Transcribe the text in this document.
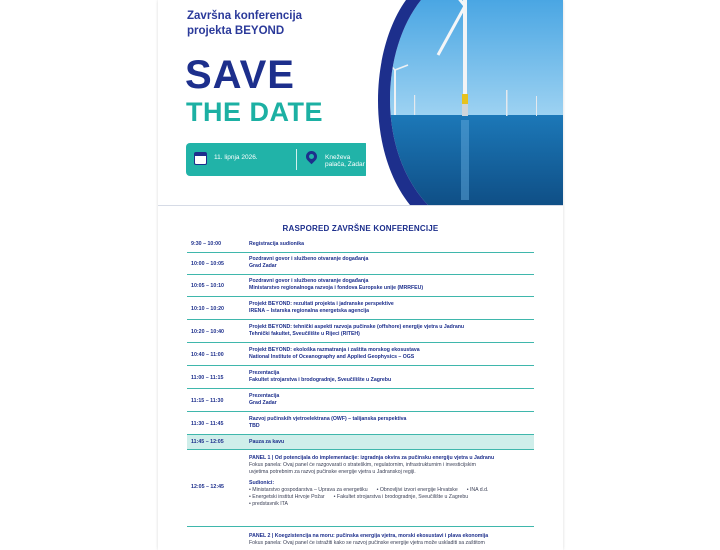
Završna konferencija
projekta BEYOND
SAVE
THE DATE
11. lipnja 2026.	Kneževa palača, Zadar
RASPORED ZAVRŠNE KONFERENCIJE
9:30 – 10:00	Registracija sudionika
10:00 – 10:05
Pozdravni govor i službeno otvaranje događanja
Grad Zadar
10:05 – 10:10
Pozdravni govor i službeno otvaranje događanja
Ministarstvo regionalnoga razvoja i fondova Europske unije (MRRFEU)
10:10 – 10:20
Projekt BEYOND: rezultati projekta i jadranske perspektive
IRENA – Istarska regionalna energetska agencija
10:20 – 10:40
Projekt BEYOND: tehnički aspekti razvoja pučinske (offshore) energije vjetra u Jadranu
Tehnički fakultet, Sveučilište u Rijeci (RITEH)
10:40 – 11:00
Projekt BEYOND: ekološka razmatranja i zaštita morskog ekosustava
National Institute of Oceanography and Applied Geophysics – OGS
11:00 – 11:15
Prezentacija
Fakultet strojarstva i brodogradnje, Sveučilište u Zagrebu
11:15 – 11:30
Prezentacija
Grad Zadar
11:30 – 11:45
Razvoj pučinskih vjetroelektrana (OWF) – talijanska perspektiva
TBD
11:45 – 12:05	Pauza za kavu
12:05 – 12:45
PANEL 1 | Od potencijala do implementacije: izgradnja okvira za pučinsku energiju vjetra u Jadranu
Fokus panela: Ovaj panel će razgovarati o strateškim, regulatornim, infrastrukturnim i investicijskim
uvjetima potrebnim za razvoj pučinske energije vjetra u Jadranskoj regiji.

Sudionici:
• Ministarstvo gospodarstva – Uprava za energetiku • Obnovljivi izvori energije Hrvatske • INA d.d.
• Energetski institut Hrvoje Požar • Fakultet strojarstva i brodogradnje, Sveučilište u Zagrebu
• predstavnik ITA
PANEL 2 | Koegzistencija na moru: pučinska energija vjetra, morski ekosustavi i plava ekonomija
Fokus panela: Ovaj panel će istražiti kako se razvoj pučinske energije vjetra može uskladiti sa zaštitom
